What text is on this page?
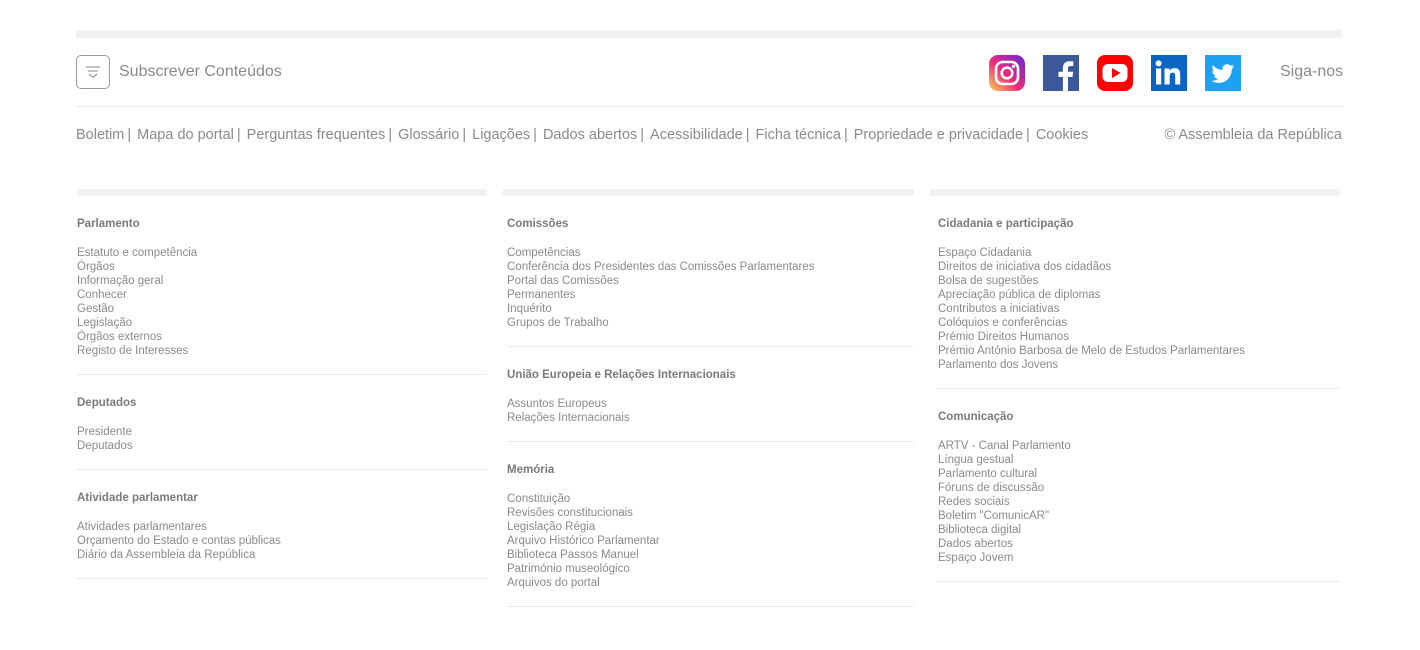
Subscrever Conteúdos	Siga-nos
Boletim | Mapa do portal | Perguntas frequentes | Glossário | Ligações | Dados abertos | Acessibilidade | Ficha técnica | Propriedade e privacidade | Cookies	© Assembleia da República
Parlamento
Estatuto e competência
Órgãos
Informação geral
Conhecer
Gestão
Legislação
Órgãos externos
Registo de Interesses
Deputados
Presidente
Deputados
Atividade parlamentar
Atividades parlamentares
Orçamento do Estado e contas públicas
Diário da Assembleia da República
Comissões
Competências
Conferência dos Presidentes das Comissões Parlamentares
Portal das Comissões
Permanentes
Inquérito
Grupos de Trabalho
União Europeia e Relações Internacionais
Assuntos Europeus
Relações Internacionais
Memória
Constituição
Revisões constitucionais
Legislação Régia
Arquivo Histórico Parlamentar
Biblioteca Passos Manuel
Património museológico
Arquivos do portal
Cidadania e participação
Espaço Cidadania
Direitos de iniciativa dos cidadãos
Bolsa de sugestões
Apreciação pública de diplomas
Contributos a iniciativas
Colóquios e conferências
Prémio Direitos Humanos
Prémio António Barbosa de Melo de Estudos Parlamentares
Parlamento dos Jovens
Comunicação
ARTV - Canal Parlamento
Língua gestual
Parlamento cultural
Fóruns de discussão
Redes sociais
Boletim "ComunicAR"
Biblioteca digital
Dados abertos
Espaço Jovem
